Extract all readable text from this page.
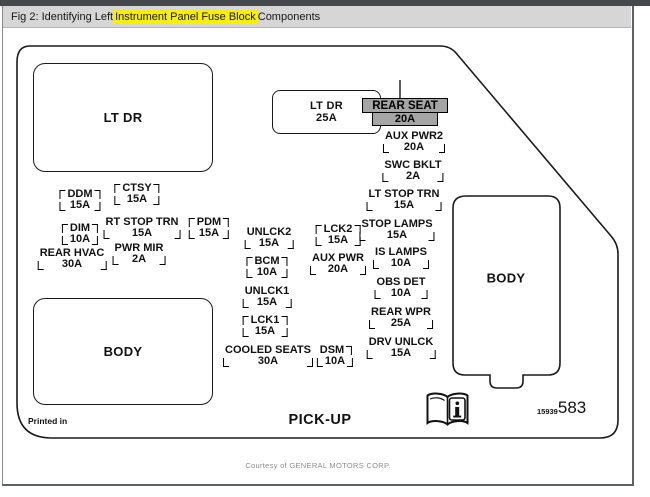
Fig 2: Identifying Left Instrument Panel Fuse Block Components
LT DR
LT DR
25A
BODY
BODY
REAR SEAT
20A
DDM
15A
CTSY
15A
DIM
10A
RT STOP TRN
15A
PDM
15A
REAR HVAC
30A
PWR MIR
2A
UNLCK2
15A
BCM
10A
UNLCK1
15A
LCK1
15A
COOLED SEATS
30A
LCK2
15A
AUX PWR
20A
DSM
10A
STOP LAMPS
15A
IS LAMPS
10A
OBS DET
10A
REAR WPR
25A
DRV UNLCK
15A
AUX PWR2
20A
SWC BKLT
2A
LT STOP TRN
15A
Printed in	PICK-UP
15939 583
Courtesy of GENERAL MOTORS CORP.
